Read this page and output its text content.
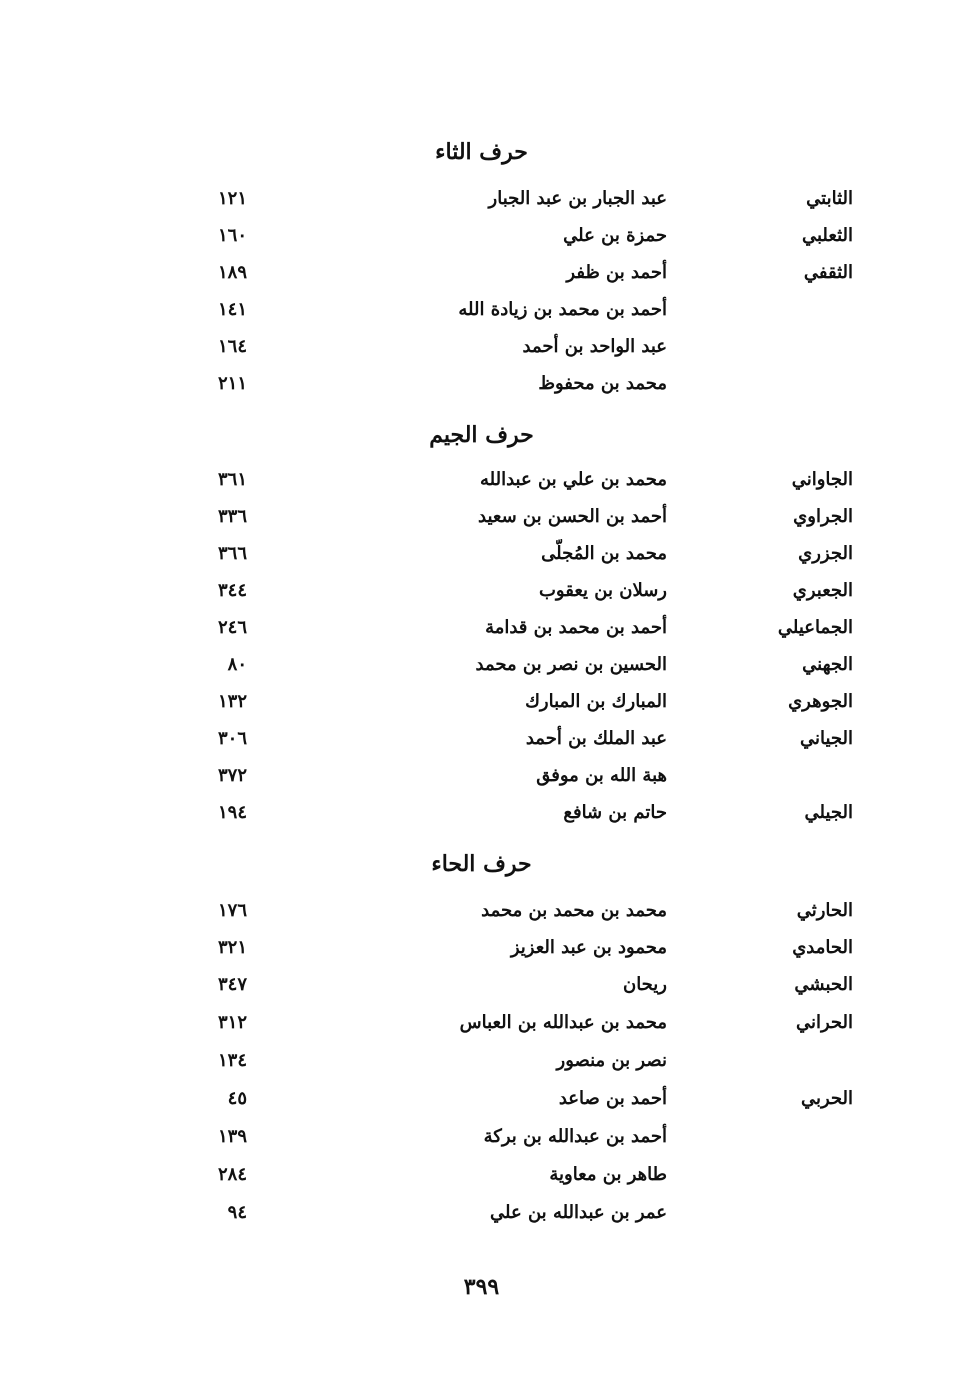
حرف الثاء
الثابتي
عبد الجبار بن عبد الجبار
١٢١
الثعلبي
حمزة بن علي
١٦٠
الثقفي
أحمد بن ظفر
١٨٩
أحمد بن محمد بن زيادة الله
١٤١
عبد الواحد بن أحمد
١٦٤
محمد بن محفوظ
٢١١
حرف الجيم
الجاواني
محمد بن علي بن عبدالله
٣٦١
الجراوي
أحمد بن الحسن بن سعيد
٣٣٦
الجزري
محمد بن المُجلّى
٣٦٦
الجعبري
رسلان بن يعقوب
٣٤٤
الجماعيلي
أحمد بن محمد بن قدامة
٢٤٦
الجهني
الحسين بن نصر بن محمد
٨٠
الجوهري
المبارك بن المبارك
١٣٢
الجياني
عبد الملك بن أحمد
٣٠٦
هبة الله بن موفق
٣٧٢
الجيلي
حاتم بن شافع
١٩٤
حرف الحاء
الحارثي
محمد بن محمد بن محمد
١٧٦
الحامدي
محمود بن عبد العزيز
٣٢١
الحبشي
ريحان
٣٤٧
الحراني
محمد بن عبدالله بن العباس
٣١٢
نصر بن منصور
١٣٤
الحربي
أحمد بن صاعد
٤٥
أحمد بن عبدالله بن بركة
١٣٩
طاهر بن معاوية
٢٨٤
عمر بن عبدالله بن علي
٩٤
٣٩٩
